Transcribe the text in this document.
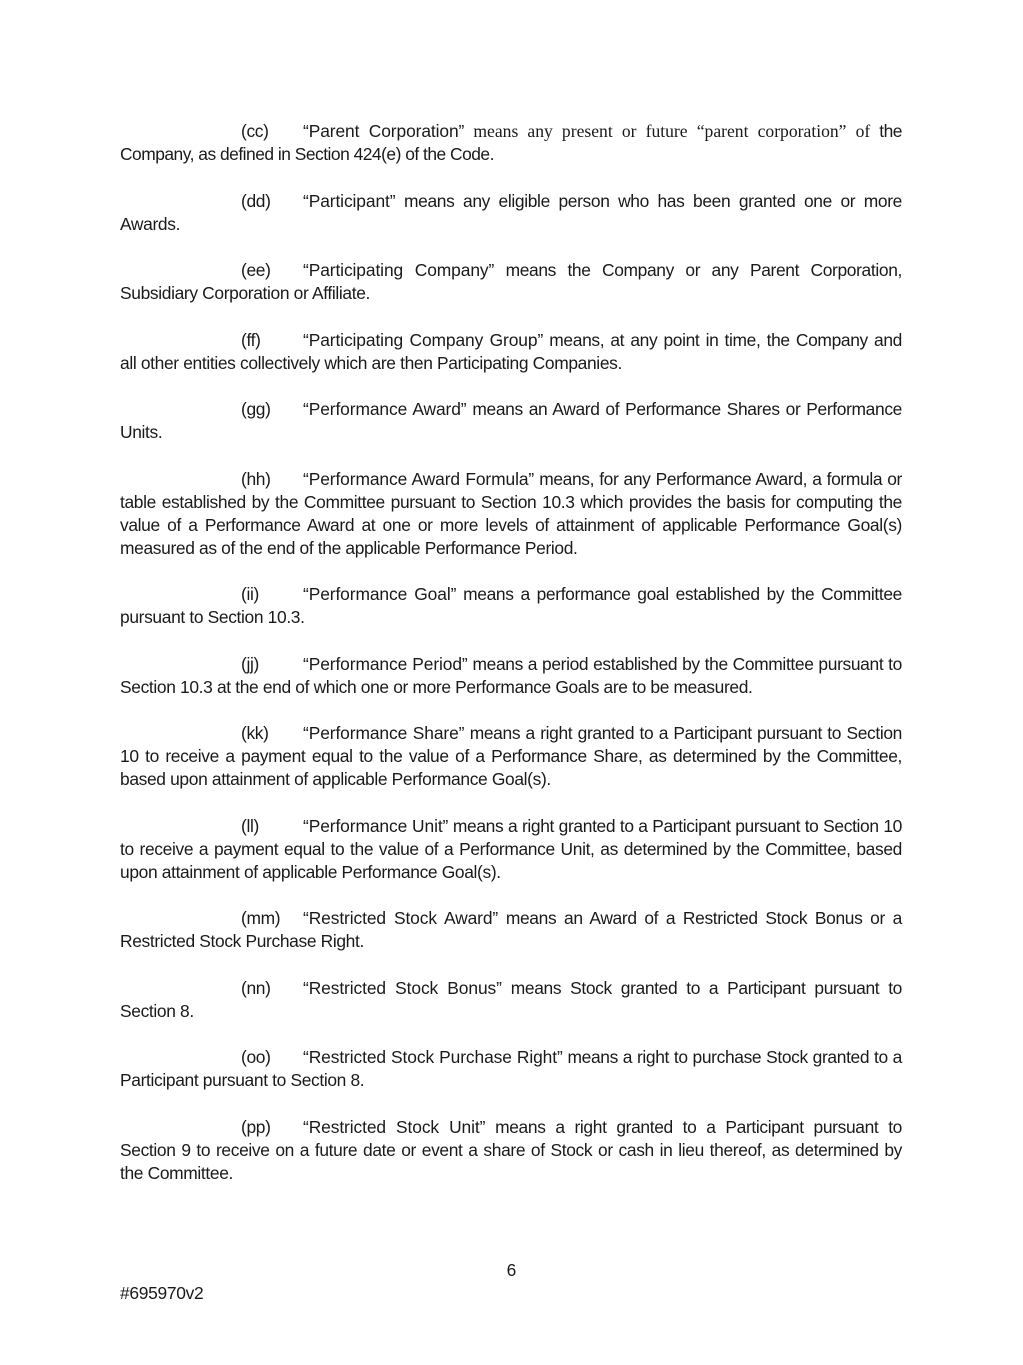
(cc) “Parent Corporation” means any present or future “parent corporation” of the Company, as defined in Section 424(e) of the Code.

(dd) “Participant” means any eligible person who has been granted one or more Awards.

(ee) “Participating Company” means the Company or any Parent Corporation, Subsidiary Corporation or Affiliate.

(ff) “Participating Company Group” means, at any point in time, the Company and all other entities collectively which are then Participating Companies.

(gg) “Performance Award” means an Award of Performance Shares or Performance Units.

(hh) “Performance Award Formula” means, for any Performance Award, a formula or table established by the Committee pursuant to Section 10.3 which provides the basis for computing the value of a Performance Award at one or more levels of attainment of applicable Performance Goal(s) measured as of the end of the applicable Performance Period.

(ii)	“Performance Goal” means a performance goal established by the Committee pursuant to Section 10.3.

(jj)	“Performance Period” means a period established by the Committee pursuant to Section 10.3 at the end of which one or more Performance Goals are to be measured.

(kk) “Performance Share” means a right granted to a Participant pursuant to Section 10 to receive a payment equal to the value of a Performance Share, as determined by the Committee, based upon attainment of applicable Performance Goal(s).

(ll)	“Performance Unit” means a right granted to a Participant pursuant to Section 10 to receive a payment equal to the value of a Performance Unit, as determined by the Committee, based upon attainment of applicable Performance Goal(s).

(mm) “Restricted Stock Award” means an Award of a Restricted Stock Bonus or a Restricted Stock Purchase Right.

(nn) “Restricted Stock Bonus” means Stock granted to a Participant pursuant to Section 8.

(oo) “Restricted Stock Purchase Right” means a right to purchase Stock granted to a Participant pursuant to Section 8.

(pp) “Restricted Stock Unit” means a right granted to a Participant pursuant to Section 9 to receive on a future date or event a share of Stock or cash in lieu thereof, as determined by the Committee.

6
#695970v2
